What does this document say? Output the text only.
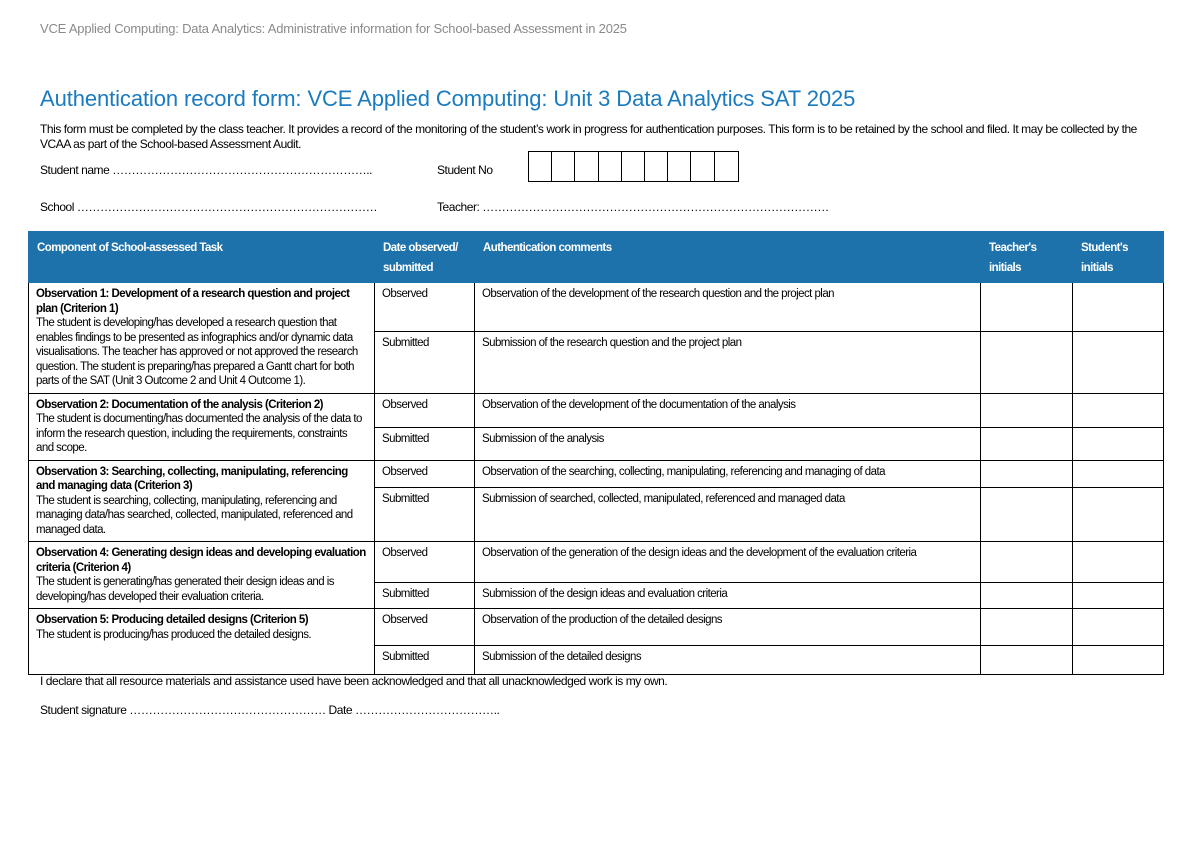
VCE Applied Computing: Data Analytics: Administrative information for School-based Assessment in 2025
Authentication record form: VCE Applied Computing: Unit 3 Data Analytics SAT 2025
This form must be completed by the class teacher. It provides a record of the monitoring of the student’s work in progress for authentication purposes. This form is to be retained by the school and filed. It may be collected by the VCAA as part of the School-based Assessment Audit.
Student name …………………………………………………………..	Student No
School ……………………………………………………………………	Teacher: ………………………………………………………………………………
Component of School-assessed Task	Date observed/ submitted	Authentication comments	Teacher's initials	Student's initials
Observation 1: Development of a research question and project plan (Criterion 1)
The student is developing/has developed a research question that enables findings to be presented as infographics and/or dynamic data visualisations. The teacher has approved or not approved the research question. The student is preparing/has prepared a Gantt chart for both parts of the SAT (Unit 3 Outcome 2 and Unit 4 Outcome 1).	Observed	Observation of the development of the research question and the project plan		
	Submitted	Submission of the research question and the project plan		
Observation 2: Documentation of the analysis (Criterion 2)
The student is documenting/has documented the analysis of the data to inform the research question, including the requirements, constraints and scope.	Observed	Observation of the development of the documentation of the analysis		
	Submitted	Submission of the analysis		
Observation 3: Searching, collecting, manipulating, referencing and managing data (Criterion 3)
The student is searching, collecting, manipulating, referencing and managing data/has searched, collected, manipulated, referenced and managed data.	Observed	Observation of the searching, collecting, manipulating, referencing and managing of data		
	Submitted	Submission of searched, collected, manipulated, referenced and managed data		
Observation 4: Generating design ideas and developing evaluation criteria (Criterion 4)
The student is generating/has generated their design ideas and is developing/has developed their evaluation criteria.	Observed	Observation of the generation of the design ideas and the development of the evaluation criteria		
	Submitted	Submission of the design ideas and evaluation criteria		
Observation 5: Producing detailed designs (Criterion 5)
The student is producing/has produced the detailed designs.	Observed	Observation of the production of the detailed designs		
	Submitted	Submission of the detailed designs		
I declare that all resource materials and assistance used have been acknowledged and that all unacknowledged work is my own.
Student signature …………………………………………… Date ………………………………..
